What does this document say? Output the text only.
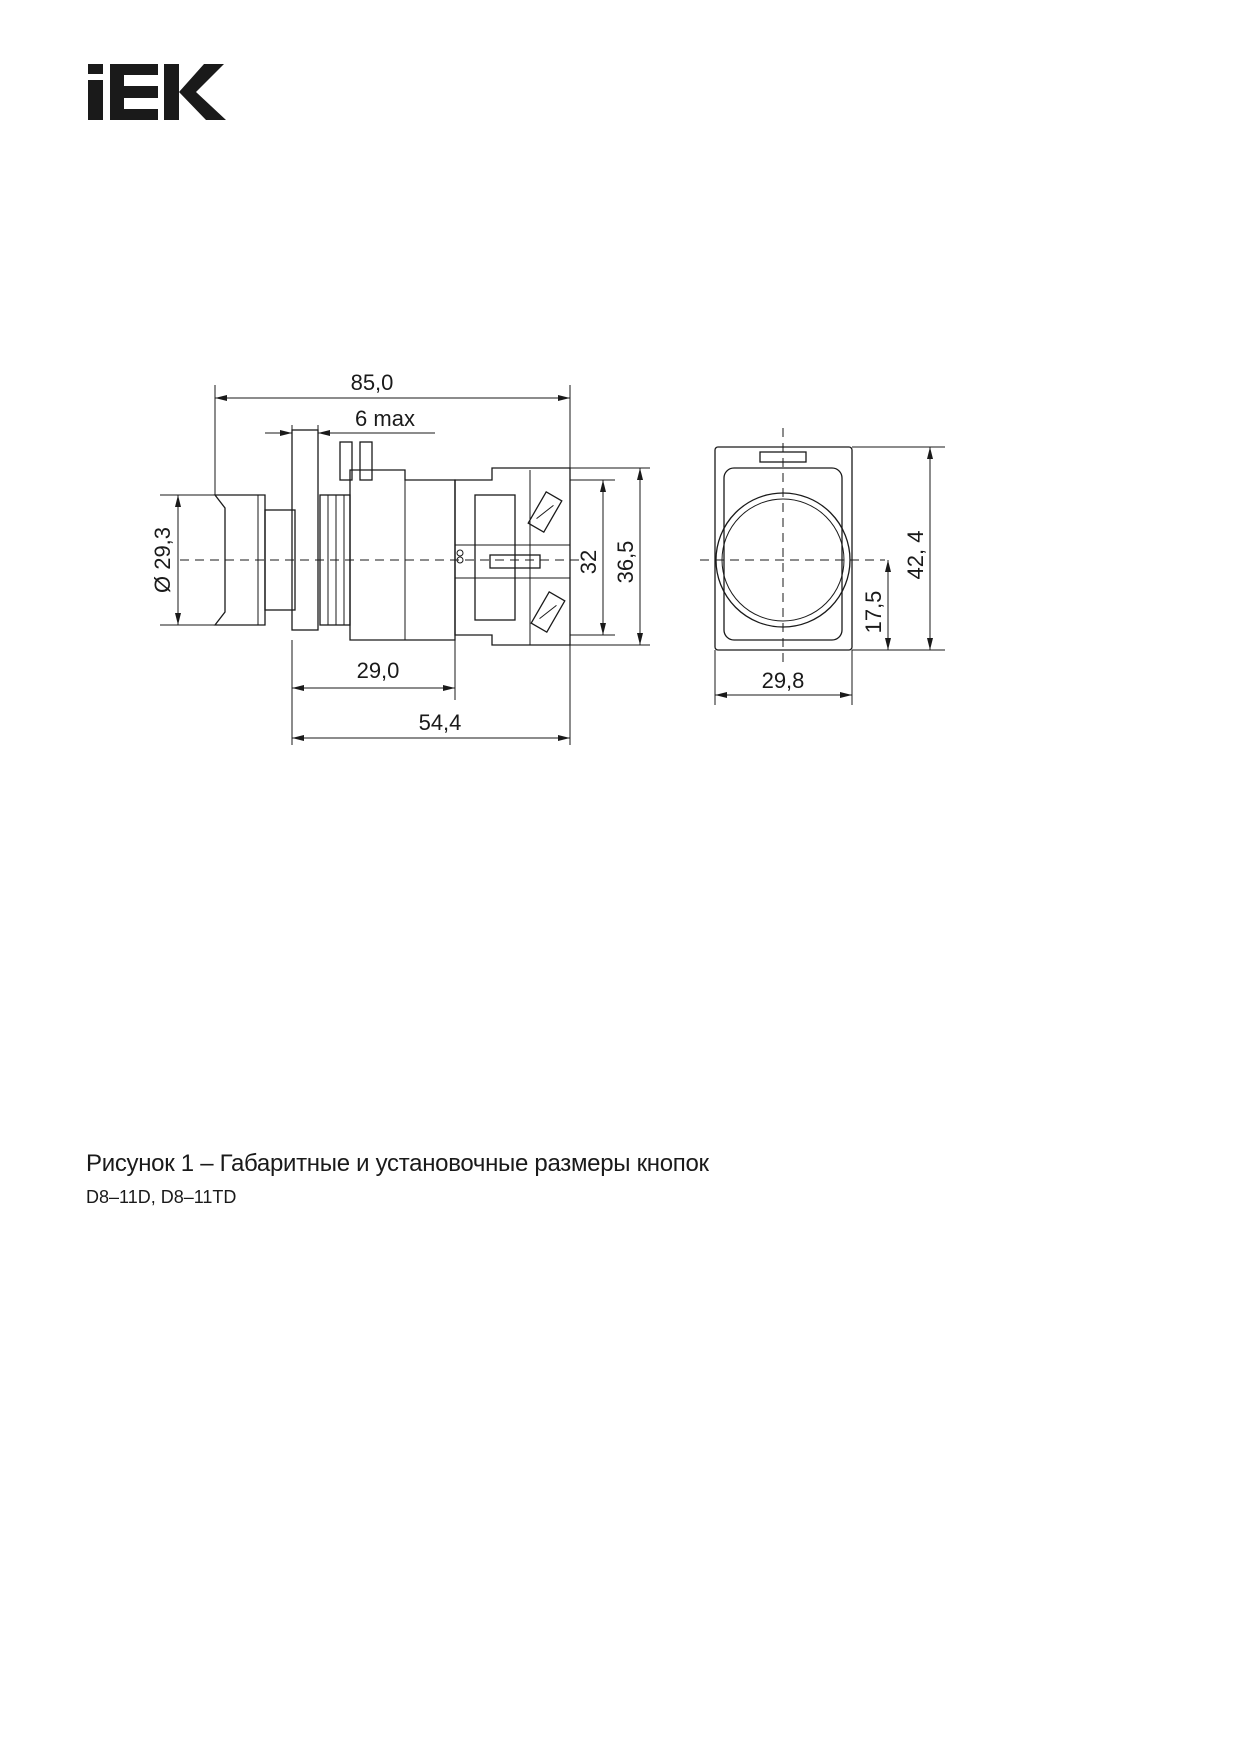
85,0
6 max
Ø 29,3
29,0
54,4
32 36,5
29,8
17,5
42, 4
Рисунок 1 – Габаритные и установочные размеры кнопок
D8–11D, D8–11TD
